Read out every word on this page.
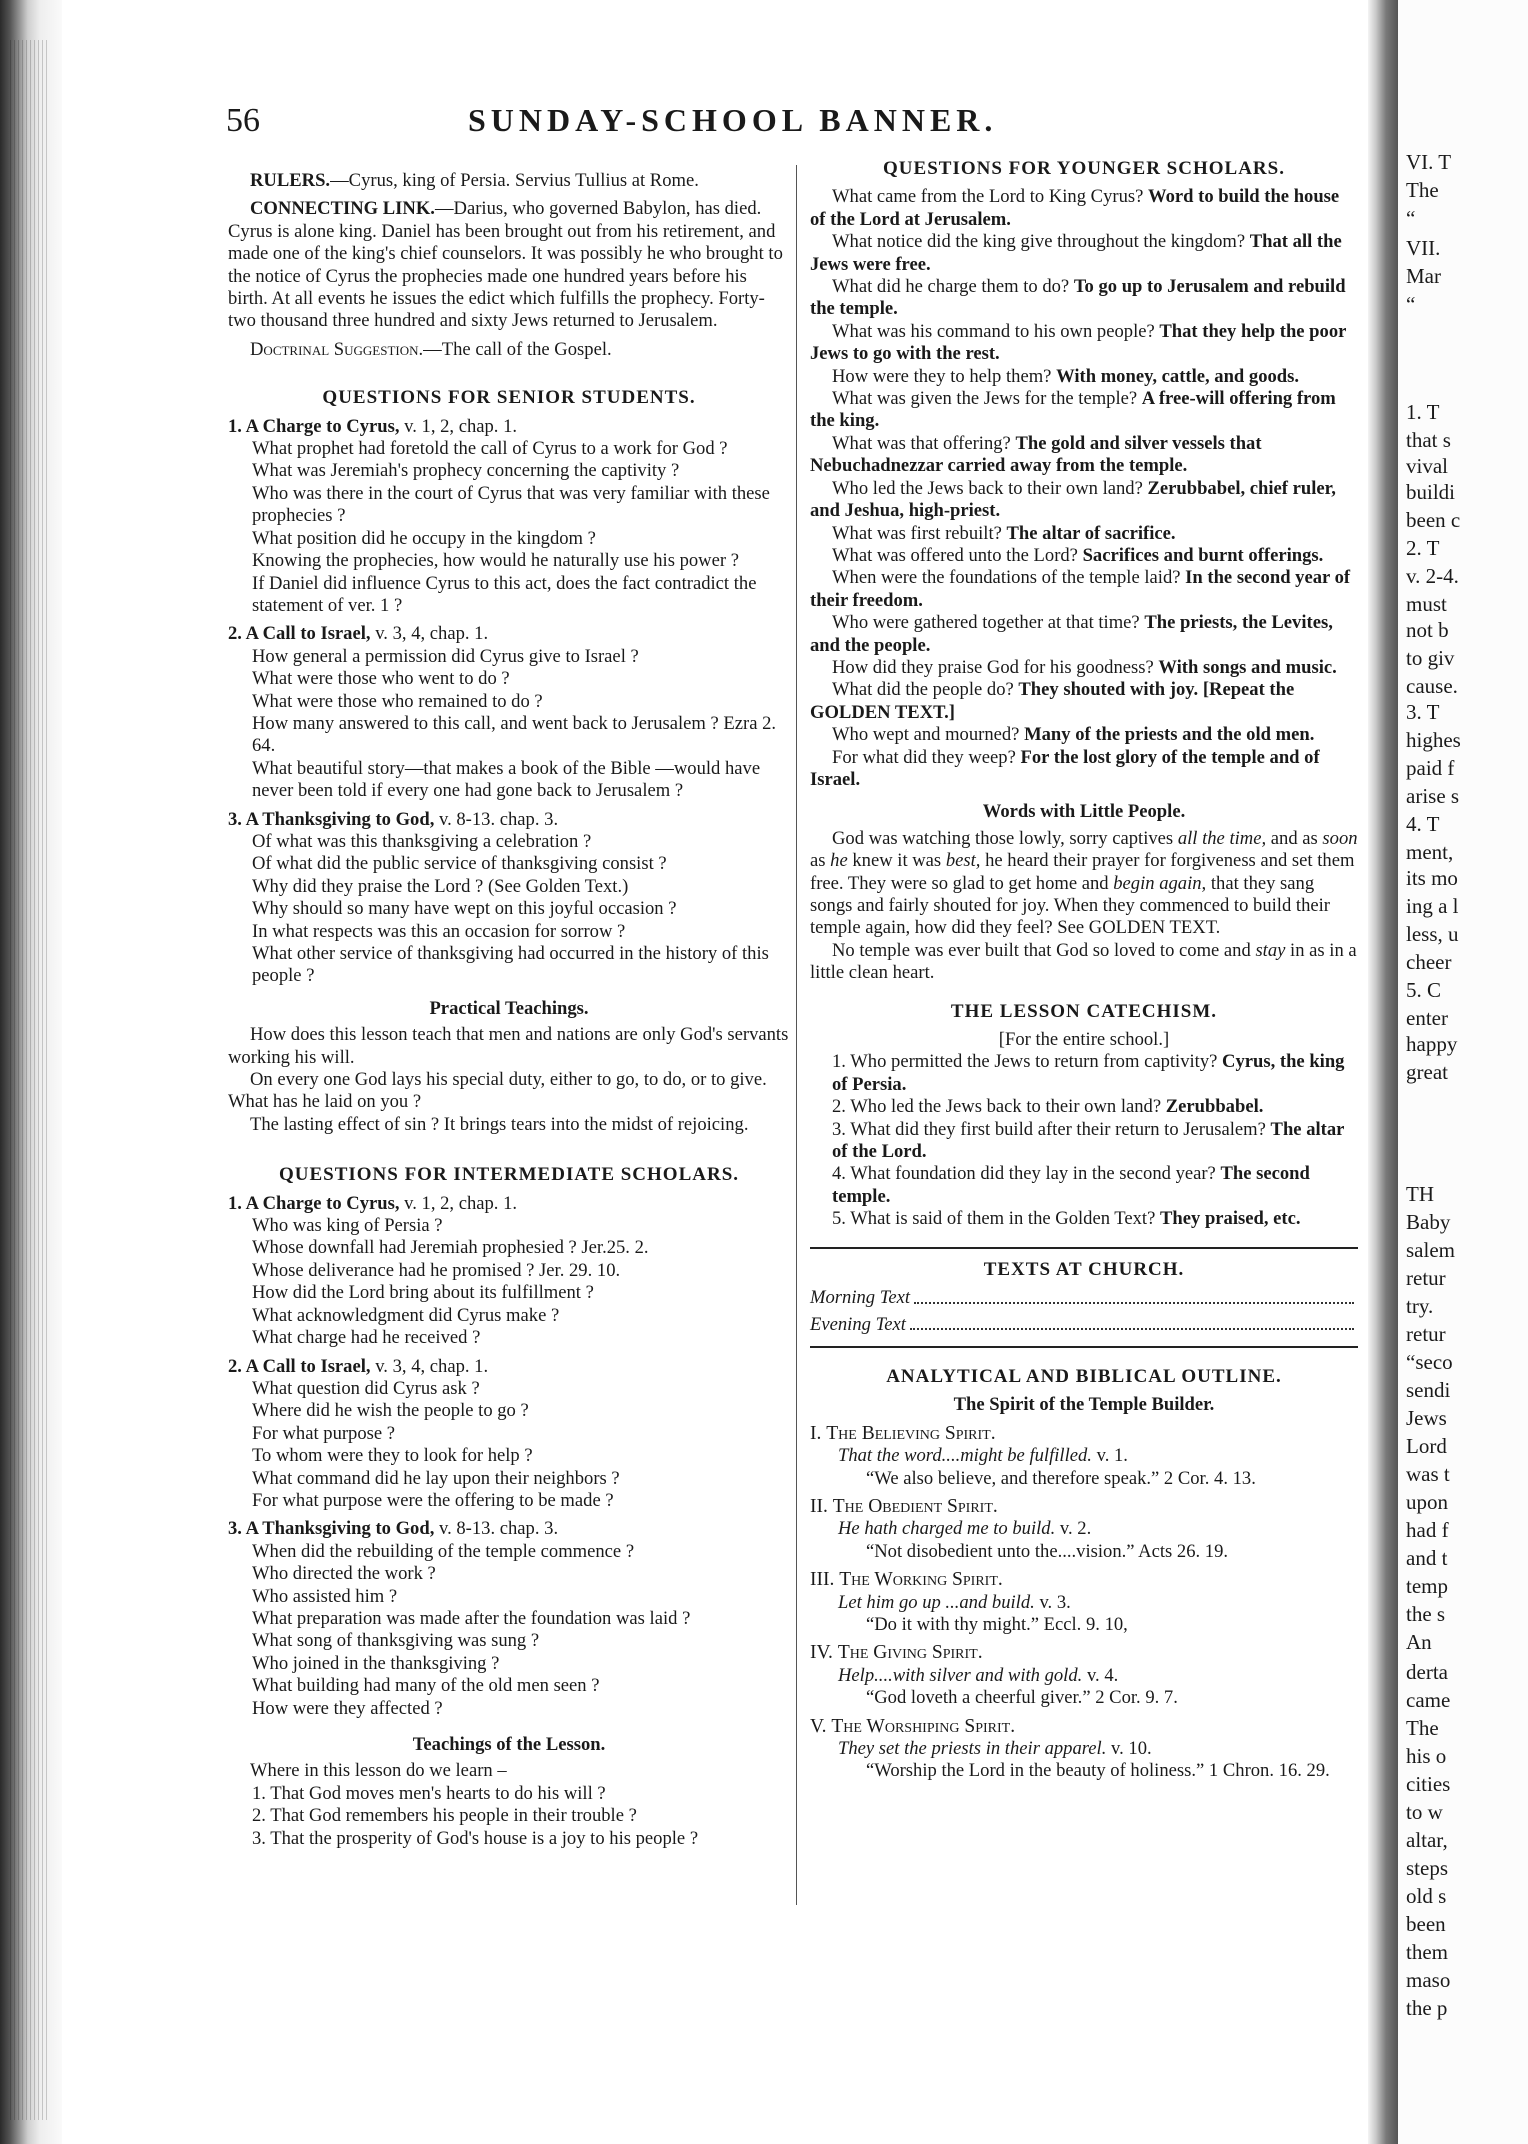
56	SUNDAY-SCHOOL BANNER.

RULERS.—Cyrus, king of Persia. Servius Tullius at Rome.

CONNECTING LINK.—Darius, who governed Babylon, has died. Cyrus is alone king. Daniel has been brought out from his retirement, and made one of the king's chief counselors. It was possibly he who brought to the notice of Cyrus the prophecies made one hundred years before his birth. At all events he issues the edict which fulfills the prophecy. Forty-two thousand three hundred and sixty Jews returned to Jerusalem.

Doctrinal Suggestion.—The call of the Gospel.

QUESTIONS FOR SENIOR STUDENTS.

1. A Charge to Cyrus, v. 1, 2, chap. 1.

What prophet had foretold the call of Cyrus to a work for God ?

What was Jeremiah's prophecy concerning the captivity ?

Who was there in the court of Cyrus that was very familiar with these prophecies ?

What position did he occupy in the kingdom ?

Knowing the prophecies, how would he naturally use his power ?

If Daniel did influence Cyrus to this act, does the fact contradict the statement of ver. 1 ?

2. A Call to Israel, v. 3, 4, chap. 1.

How general a permission did Cyrus give to Israel ?

What were those who went to do ?

What were those who remained to do ?

How many answered to this call, and went back to Jerusalem ? Ezra 2. 64.

What beautiful story—that makes a book of the Bible —would have never been told if every one had gone back to Jerusalem ?

3. A Thanksgiving to God, v. 8-13. chap. 3.

Of what was this thanksgiving a celebration ?

Of what did the public service of thanksgiving consist ?

Why did they praise the Lord ? (See Golden Text.)

Why should so many have wept on this joyful occasion ?

In what respects was this an occasion for sorrow ?

What other service of thanksgiving had occurred in the history of this people ?

Practical Teachings.

How does this lesson teach that men and nations are only God's servants working his will.

On every one God lays his special duty, either to go, to do, or to give. What has he laid on you ?

The lasting effect of sin ? It brings tears into the midst of rejoicing.

QUESTIONS FOR INTERMEDIATE SCHOLARS.

1. A Charge to Cyrus, v. 1, 2, chap. 1.

Who was king of Persia ?

Whose downfall had Jeremiah prophesied ? Jer.25. 2.

Whose deliverance had he promised ? Jer. 29. 10.

How did the Lord bring about its fulfillment ?

What acknowledgment did Cyrus make ?

What charge had he received ?

2. A Call to Israel, v. 3, 4, chap. 1.

What question did Cyrus ask ?

Where did he wish the people to go ?

For what purpose ?

To whom were they to look for help ?

What command did he lay upon their neighbors ?

For what purpose were the offering to be made ?

3. A Thanksgiving to God, v. 8-13. chap. 3.

When did the rebuilding of the temple commence ?

Who directed the work ?

Who assisted him ?

What preparation was made after the foundation was laid ?

What song of thanksgiving was sung ?

Who joined in the thanksgiving ?

What building had many of the old men seen ?

How were they affected ?

Teachings of the Lesson.

Where in this lesson do we learn –

1. That God moves men's hearts to do his will ?

2. That God remembers his people in their trouble ?

3. That the prosperity of God's house is a joy to his people ?

QUESTIONS FOR YOUNGER SCHOLARS.

What came from the Lord to King Cyrus? Word to build the house of the Lord at Jerusalem.

What notice did the king give throughout the kingdom? That all the Jews were free.

What did he charge them to do? To go up to Jerusalem and rebuild the temple.

What was his command to his own people? That they help the poor Jews to go with the rest.

How were they to help them? With money, cattle, and goods.

What was given the Jews for the temple? A free-will offering from the king.

What was that offering? The gold and silver vessels that Nebuchadnezzar carried away from the temple.

Who led the Jews back to their own land? Zerubbabel, chief ruler, and Jeshua, high-priest.

What was first rebuilt? The altar of sacrifice.

What was offered unto the Lord? Sacrifices and burnt offerings.

When were the foundations of the temple laid? In the second year of their freedom.

Who were gathered together at that time? The priests, the Levites, and the people.

How did they praise God for his goodness? With songs and music.

What did the people do? They shouted with joy. [Repeat the GOLDEN TEXT.]

Who wept and mourned? Many of the priests and the old men.

For what did they weep? For the lost glory of the temple and of Israel.

Words with Little People.

God was watching those lowly, sorry captives all the time, and as soon as he knew it was best, he heard their prayer for forgiveness and set them free. They were so glad to get home and begin again, that they sang songs and fairly shouted for joy. When they commenced to build their temple again, how did they feel? See GOLDEN TEXT.

No temple was ever built that God so loved to come and stay in as in a little clean heart.

THE LESSON CATECHISM.

[For the entire school.]

1. Who permitted the Jews to return from captivity? Cyrus, the king of Persia.

2. Who led the Jews back to their own land? Zerubbabel.

3. What did they first build after their return to Jerusalem? The altar of the Lord.

4. What foundation did they lay in the second year? The second temple.

5. What is said of them in the Golden Text? They praised, etc.

TEXTS AT CHURCH.

Morning Text
Evening Text

ANALYTICAL AND BIBLICAL OUTLINE.

The Spirit of the Temple Builder.

I. The Believing Spirit.

That the word....might be fulfilled. v. 1.

“We also believe, and therefore speak.” 2 Cor. 4. 13.

II. The Obedient Spirit.

He hath charged me to build. v. 2.

“Not disobedient unto the....vision.” Acts 26. 19.

III. The Working Spirit.

Let him go up ...and build. v. 3.

“Do it with thy might.” Eccl. 9. 10,

IV. The Giving Spirit.

Help....with silver and with gold. v. 4.

“God loveth a cheerful giver.” 2 Cor. 9. 7.

V. The Worshiping Spirit.

They set the priests in their apparel. v. 10.

“Worship the Lord in the beauty of holiness.” 1 Chron. 16. 29.

VI. T
The
“
VII.
Mar
“
1. T
that s
vival
buildi
been c
2. T
v. 2-4.
must
not b
to giv
cause.
3. T
highes
paid f
arise s
4. T
ment,
its mo
ing a l
less, u
cheer
5. C
enter
happy
great
TH
Baby
salem
retur
try.
retur
“seco
sendi
Jews
Lord
was t
upon
had f
and t
temp
the s
An
derta
came
The
his o
cities
to w
altar,
steps
old s
been
them
maso
the p
